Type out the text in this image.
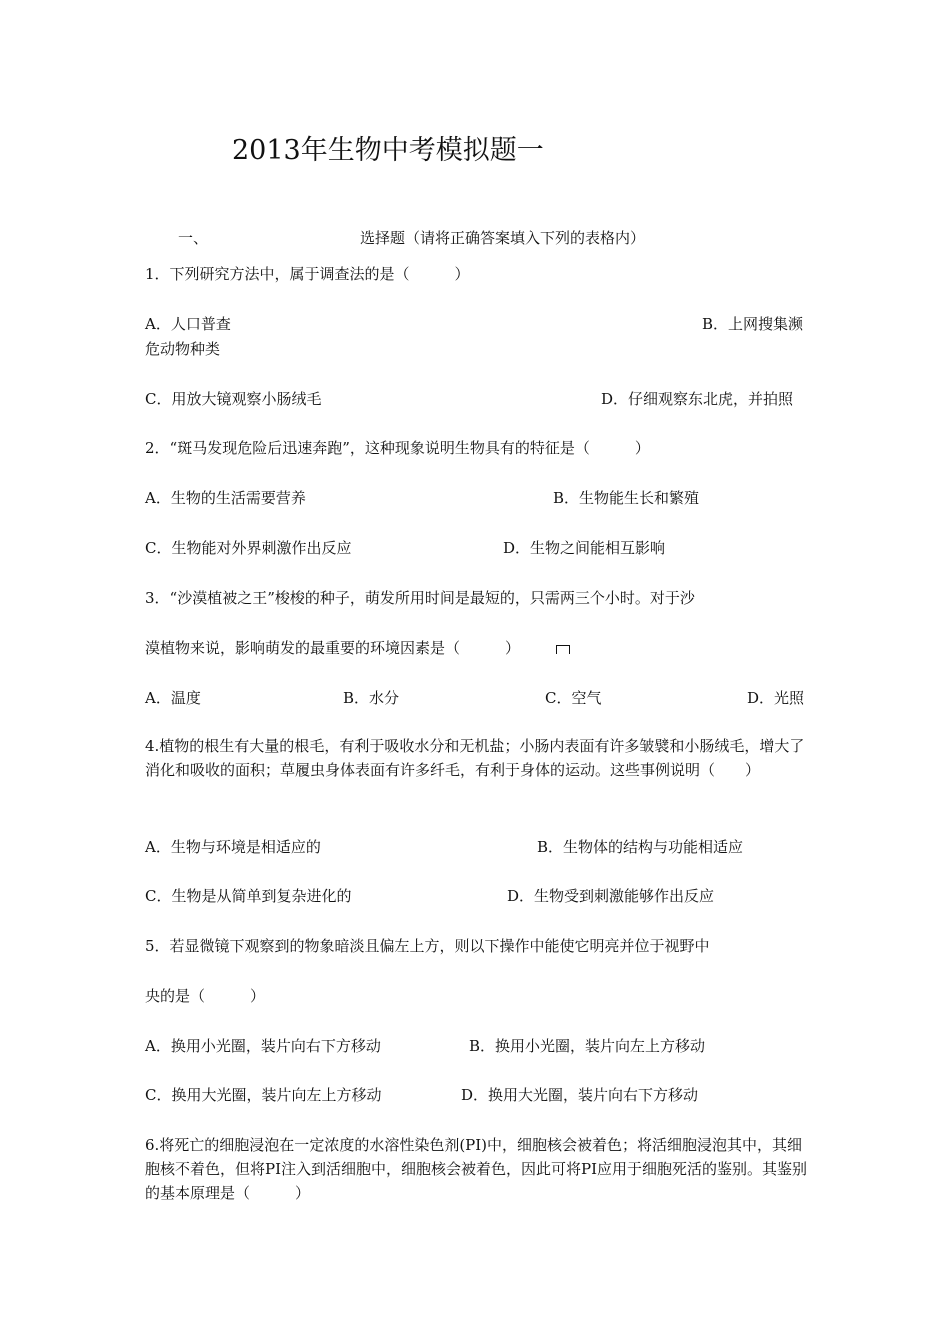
2013年生物中考模拟题一
一、	选择题（请将正确答案填入下列的表格内）
1．下列研究方法中，属于调查法的是（　　　）
A．人口普查	B．上网搜集濒
危动物种类
C．用放大镜观察小肠绒毛	D．仔细观察东北虎，并拍照
2．“斑马发现危险后迅速奔跑”，这种现象说明生物具有的特征是（　　　）
A．生物的生活需要营养	B．生物能生长和繁殖
C．生物能对外界刺激作出反应	D．生物之间能相互影响
3．“沙漠植被之王”梭梭的种子，萌发所用时间是最短的，只需两三个小时。对于沙
漠植物来说，影响萌发的最重要的环境因素是（　　　）
A．温度	B．水分	C．空气	D．光照
4.植物的根生有大量的根毛，有利于吸收水分和无机盐；小肠内表面有许多皱襞和小肠绒毛，增大了消化和吸收的面积；草履虫身体表面有许多纤毛，有利于身体的运动。这些事例说明（　　）
A．生物与环境是相适应的	B．生物体的结构与功能相适应
C．生物是从简单到复杂进化的	D．生物受到刺激能够作出反应
5．若显微镜下观察到的物象暗淡且偏左上方，则以下操作中能使它明亮并位于视野中
央的是（　　　）
A．换用小光圈，装片向右下方移动	B．换用小光圈，装片向左上方移动
C．换用大光圈，装片向左上方移动	D．换用大光圈，装片向右下方移动
6.将死亡的细胞浸泡在一定浓度的水溶性染色剂(PI)中，细胞核会被着色；将活细胞浸泡其中，其细胞核不着色，但将PI注入到活细胞中，细胞核会被着色，因此可将PI应用于细胞死活的鉴别。其鉴别的基本原理是（　　　）
